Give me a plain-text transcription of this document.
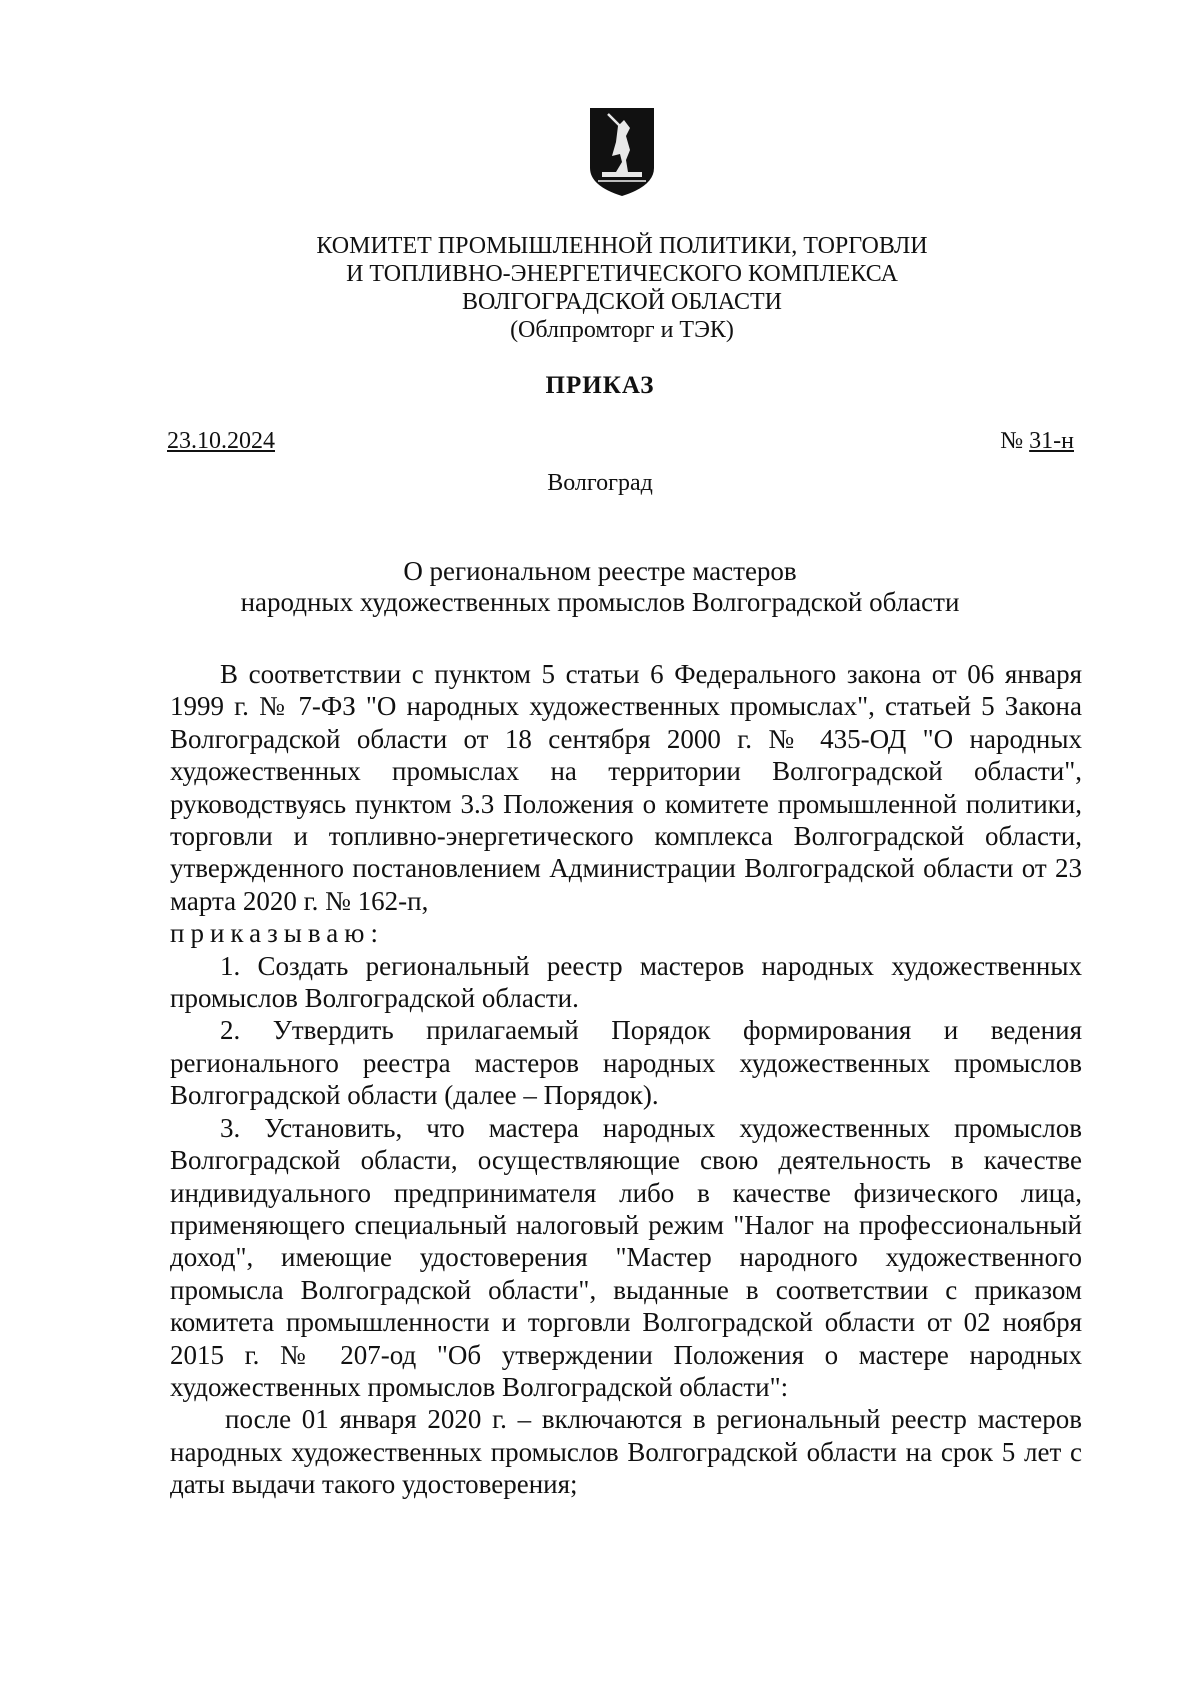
КОМИТЕТ ПРОМЫШЛЕННОЙ ПОЛИТИКИ, ТОРГОВЛИ
И ТОПЛИВНО-ЭНЕРГЕТИЧЕСКОГО КОМПЛЕКСА
ВОЛГОГРАДСКОЙ ОБЛАСТИ
(Облпромторг и ТЭК)
ПРИКАЗ
23.10.2024	№ 31-н
Волгоград
О региональном реестре мастеров
народных художественных промыслов Волгоградской области

В соответствии с пунктом 5 статьи 6 Федерального закона от 06 января 1999 г. № 7-ФЗ "О народных художественных промыслах", статьей 5 Закона Волгоградской области от 18 сентября 2000 г. № 435-ОД "О народных художественных промыслах на территории Волгоградской области", руководствуясь пунктом 3.3 Положения о комитете промышленной политики, торговли и топливно-энергетического комплекса Волгоградской области, утвержденного постановлением Администрации Волгоградской области от 23 марта 2020 г. № 162-п,

приказываю:

1. Создать региональный реестр мастеров народных художественных промыслов Волгоградской области.

2. Утвердить прилагаемый Порядок формирования и ведения регионального реестра мастеров народных художественных промыслов Волгоградской области (далее – Порядок).

3. Установить, что мастера народных художественных промыслов Волгоградской области, осуществляющие свою деятельность в качестве индивидуального предпринимателя либо в качестве физического лица, применяющего специальный налоговый режим "Налог на профессиональный доход", имеющие удостоверения "Мастер народного художественного промысла Волгоградской области", выданные в соответствии с приказом комитета промышленности и торговли Волгоградской области от 02 ноября 2015 г. № 207-од "Об утверждении Положения о мастере народных художественных промыслов Волгоградской области":

после 01 января 2020 г. – включаются в региональный реестр мастеров народных художественных промыслов Волгоградской области на срок 5 лет с даты выдачи такого удостоверения;
